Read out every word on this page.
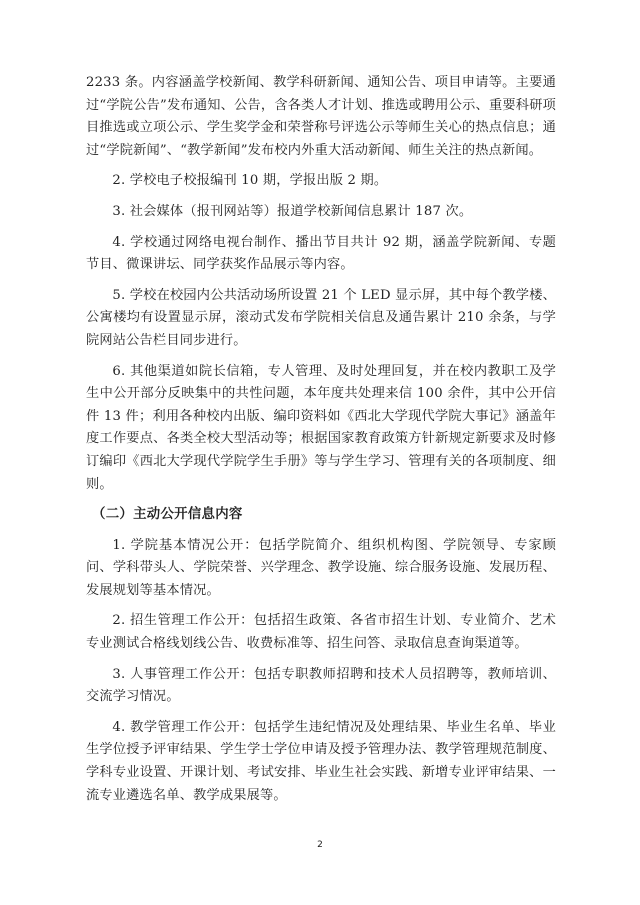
2233 条。内容涵盖学校新闻、教学科研新闻、通知公告、项目申请等。主要通过“学院公告”发布通知、公告，含各类人才计划、推选或聘用公示、重要科研项目推选或立项公示、学生奖学金和荣誉称号评选公示等师生关心的热点信息；通过“学院新闻”、“教学新闻”发布校内外重大活动新闻、师生关注的热点新闻。

2. 学校电子校报编刊 10 期，学报出版 2 期。

3. 社会媒体（报刊网站等）报道学校新闻信息累计 187 次。

4. 学校通过网络电视台制作、播出节目共计 92 期，涵盖学院新闻、专题节目、微课讲坛、同学获奖作品展示等内容。

5. 学校在校园内公共活动场所设置 21 个 LED 显示屏，其中每个教学楼、公寓楼均有设置显示屏，滚动式发布学院相关信息及通告累计 210 余条，与学院网站公告栏目同步进行。

6. 其他渠道如院长信箱，专人管理、及时处理回复，并在校内教职工及学生中公开部分反映集中的共性问题，本年度共处理来信 100 余件，其中公开信件 13 件；利用各种校内出版、编印资料如《西北大学现代学院大事记》涵盖年度工作要点、各类全校大型活动等；根据国家教育政策方针新规定新要求及时修订编印《西北大学现代学院学生手册》等与学生学习、管理有关的各项制度、细则。

（二）主动公开信息内容

1. 学院基本情况公开：包括学院简介、组织机构图、学院领导、专家顾问、学科带头人、学院荣誉、兴学理念、教学设施、综合服务设施、发展历程、发展规划等基本情况。

2. 招生管理工作公开：包括招生政策、各省市招生计划、专业简介、艺术专业测试合格线划线公告、收费标准等、招生问答、录取信息查询渠道等。

3. 人事管理工作公开：包括专职教师招聘和技术人员招聘等，教师培训、交流学习情况。

4. 教学管理工作公开：包括学生违纪情况及处理结果、毕业生名单、毕业生学位授予评审结果、学生学士学位申请及授予管理办法、教学管理规范制度、学科专业设置、开课计划、考试安排、毕业生社会实践、新增专业评审结果、一流专业遴选名单、教学成果展等。

2
